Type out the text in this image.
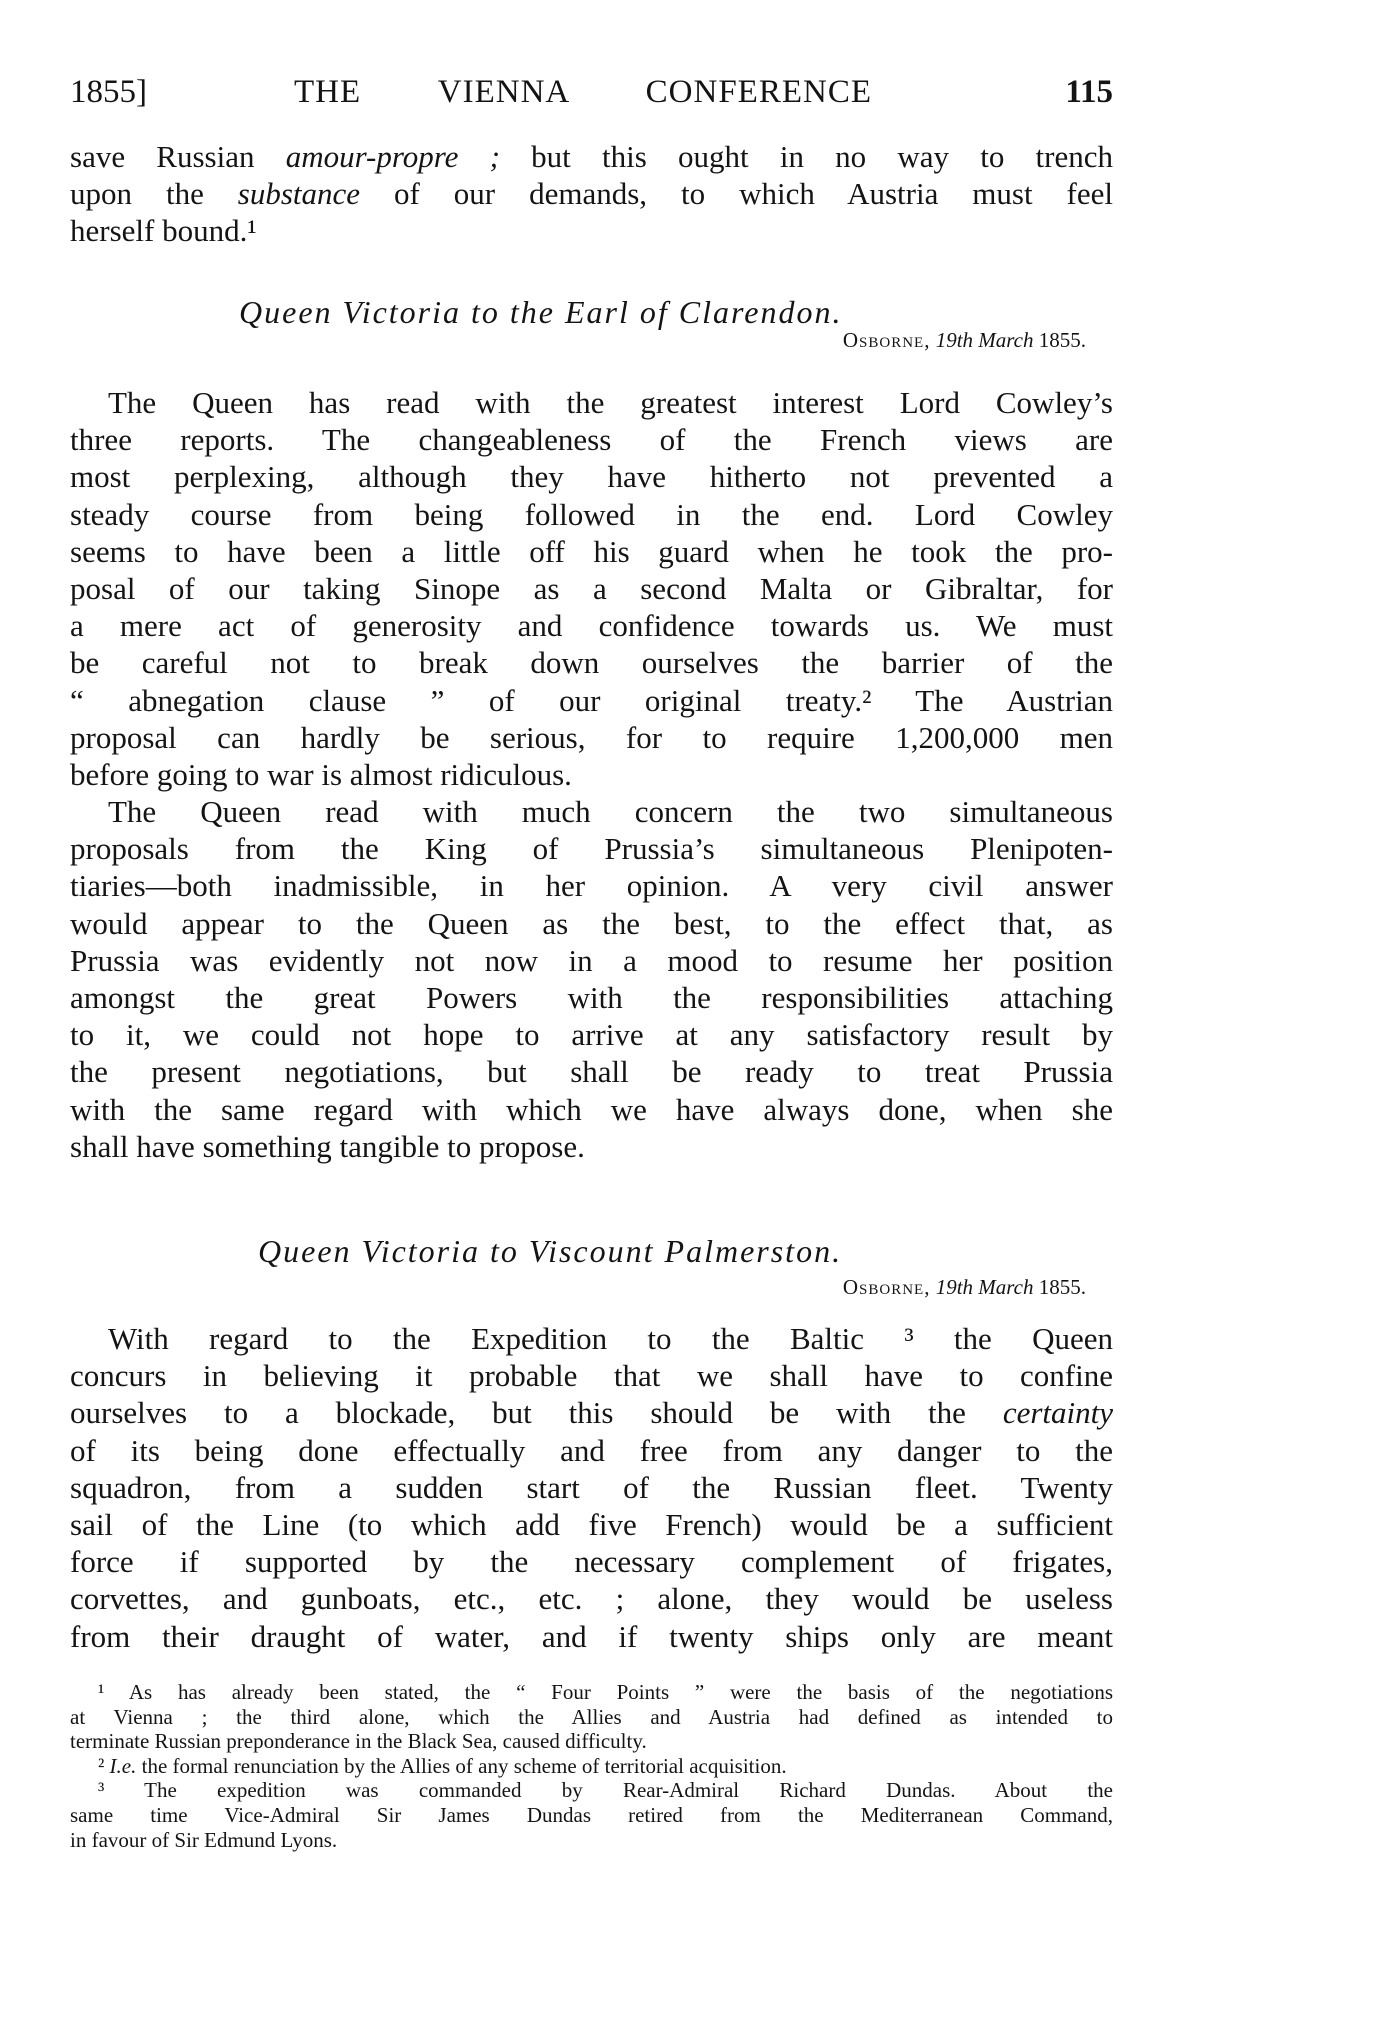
1855]	THE VIENNA CONFERENCE	115
save Russian amour-propre ; but this ought in no way to trench
upon the substance of our demands, to which Austria must feel
herself bound.¹
Queen Victoria to the Earl of Clarendon.
Osborne, 19th March 1855.
The Queen has read with the greatest interest Lord Cowley’s
three reports. The changeableness of the French views are
most perplexing, although they have hitherto not prevented a
steady course from being followed in the end. Lord Cowley
seems to have been a little off his guard when he took the pro-
posal of our taking Sinope as a second Malta or Gibraltar, for
a mere act of generosity and confidence towards us. We must
be careful not to break down ourselves the barrier of the
“ abnegation clause ” of our original treaty.² The Austrian
proposal can hardly be serious, for to require 1,200,000 men
before going to war is almost ridiculous.
The Queen read with much concern the two simultaneous
proposals from the King of Prussia’s simultaneous Plenipoten-
tiaries—both inadmissible, in her opinion. A very civil answer
would appear to the Queen as the best, to the effect that, as
Prussia was evidently not now in a mood to resume her position
amongst the great Powers with the responsibilities attaching
to it, we could not hope to arrive at any satisfactory result by
the present negotiations, but shall be ready to treat Prussia
with the same regard with which we have always done, when she
shall have something tangible to propose.
Queen Victoria to Viscount Palmerston.
Osborne, 19th March 1855.
With regard to the Expedition to the Baltic ³ the Queen
concurs in believing it probable that we shall have to confine
ourselves to a blockade, but this should be with the certainty
of its being done effectually and free from any danger to the
squadron, from a sudden start of the Russian fleet. Twenty
sail of the Line (to which add five French) would be a sufficient
force if supported by the necessary complement of frigates,
corvettes, and gunboats, etc., etc. ; alone, they would be useless
from their draught of water, and if twenty ships only are meant
¹ As has already been stated, the “ Four Points ” were the basis of the negotiations
at Vienna ; the third alone, which the Allies and Austria had defined as intended to
terminate Russian preponderance in the Black Sea, caused difficulty.
² I.e. the formal renunciation by the Allies of any scheme of territorial acquisition.
³ The expedition was commanded by Rear-Admiral Richard Dundas. About the
same time Vice-Admiral Sir James Dundas retired from the Mediterranean Command,
in favour of Sir Edmund Lyons.
